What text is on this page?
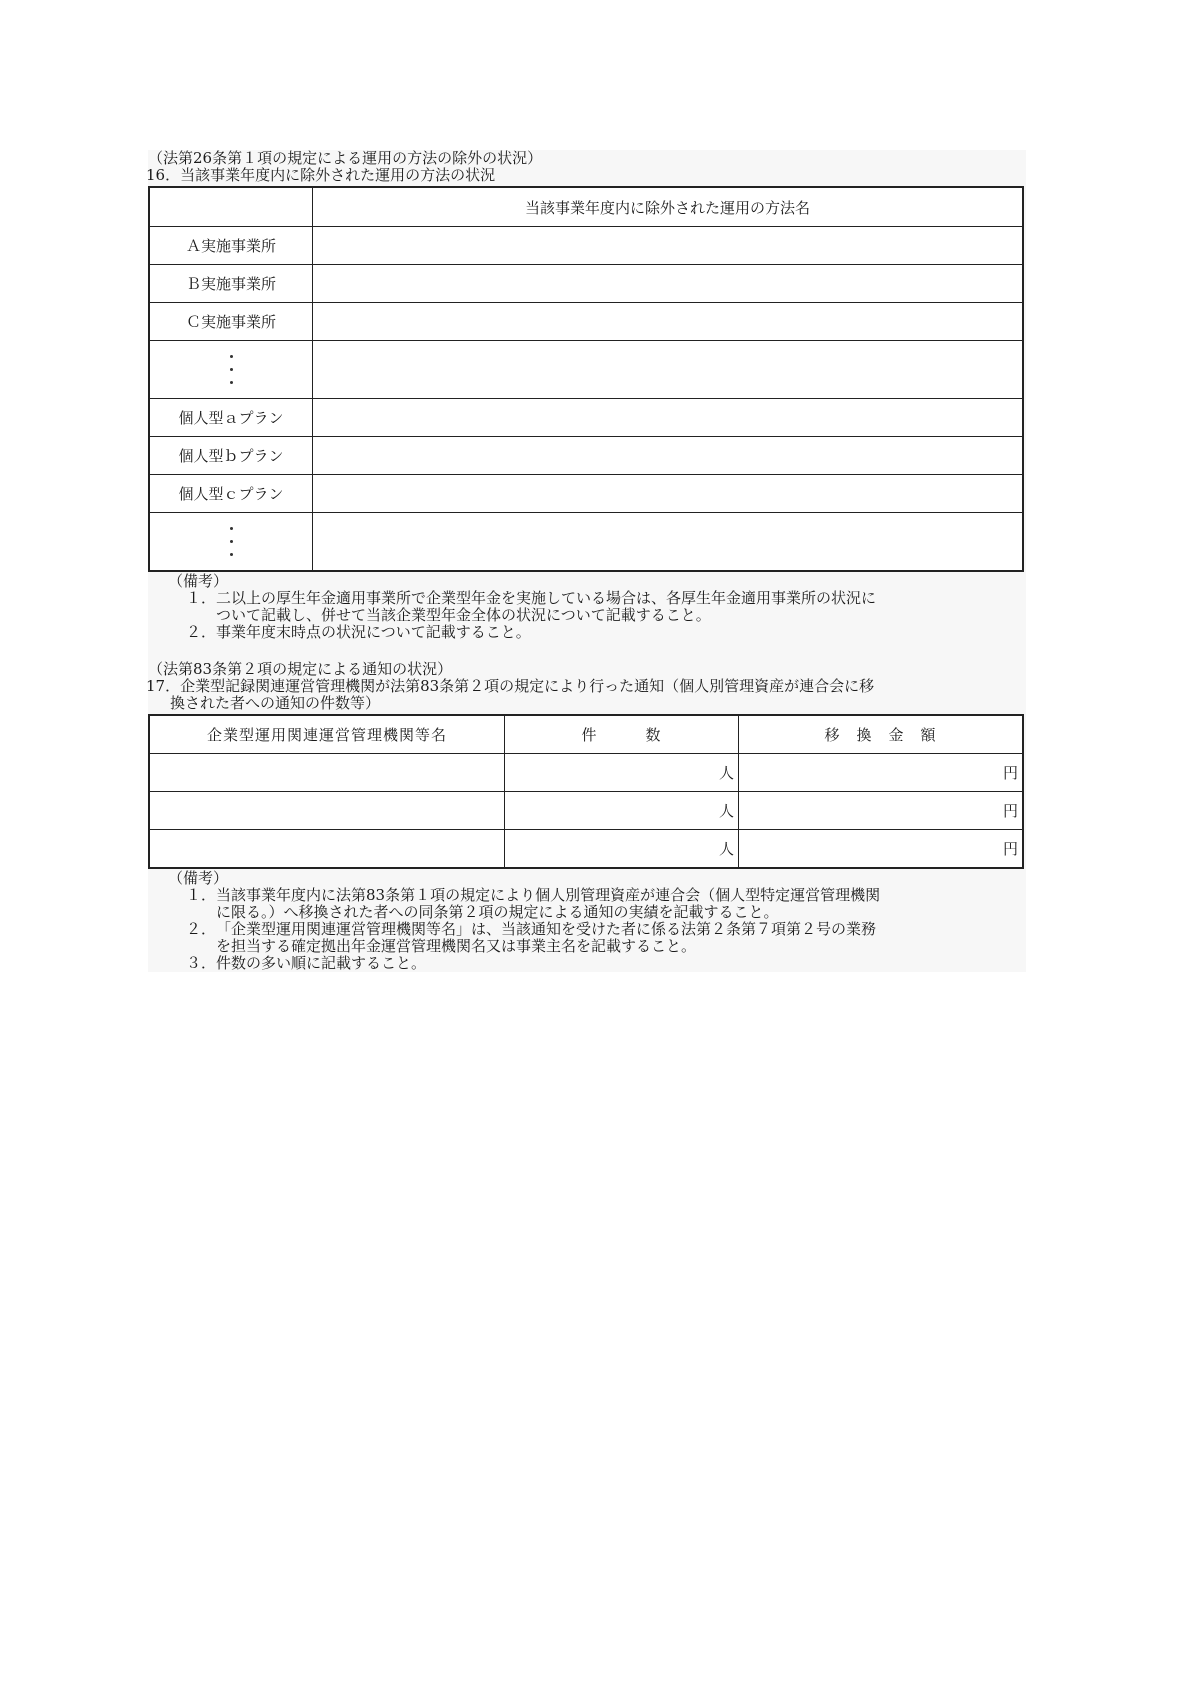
（法第26条第１項の規定による運用の方法の除外の状況）
16．当該事業年度内に除外された運用の方法の状況
	当該事業年度内に除外された運用の方法名
Ａ実施事業所	
Ｂ実施事業所	
Ｃ実施事業所	

個人型ａプラン	
個人型ｂプラン	
個人型ｃプラン	

（備考）
１．二以上の厚生年金適用事業所で企業型年金を実施している場合は、各厚生年金適用事業所の状況に
ついて記載し、併せて当該企業型年金全体の状況について記載すること。
２．事業年度末時点の状況について記載すること。
（法第83条第２項の規定による通知の状況）
17．企業型記録関連運営管理機関が法第83条第２項の規定により行った通知（個人別管理資産が連合会に移
換された者への通知の件数等）
企業型運用関連運営管理機関等名	件　　　数	移　換　金　額
	人	円
	人	円
	人	円
（備考）
１．当該事業年度内に法第83条第１項の規定により個人別管理資産が連合会（個人型特定運営管理機関
に限る。）へ移換された者への同条第２項の規定による通知の実績を記載すること。
２．「企業型運用関連運営管理機関等名」は、当該通知を受けた者に係る法第２条第７項第２号の業務
を担当する確定拠出年金運営管理機関名又は事業主名を記載すること。
３．件数の多い順に記載すること。
